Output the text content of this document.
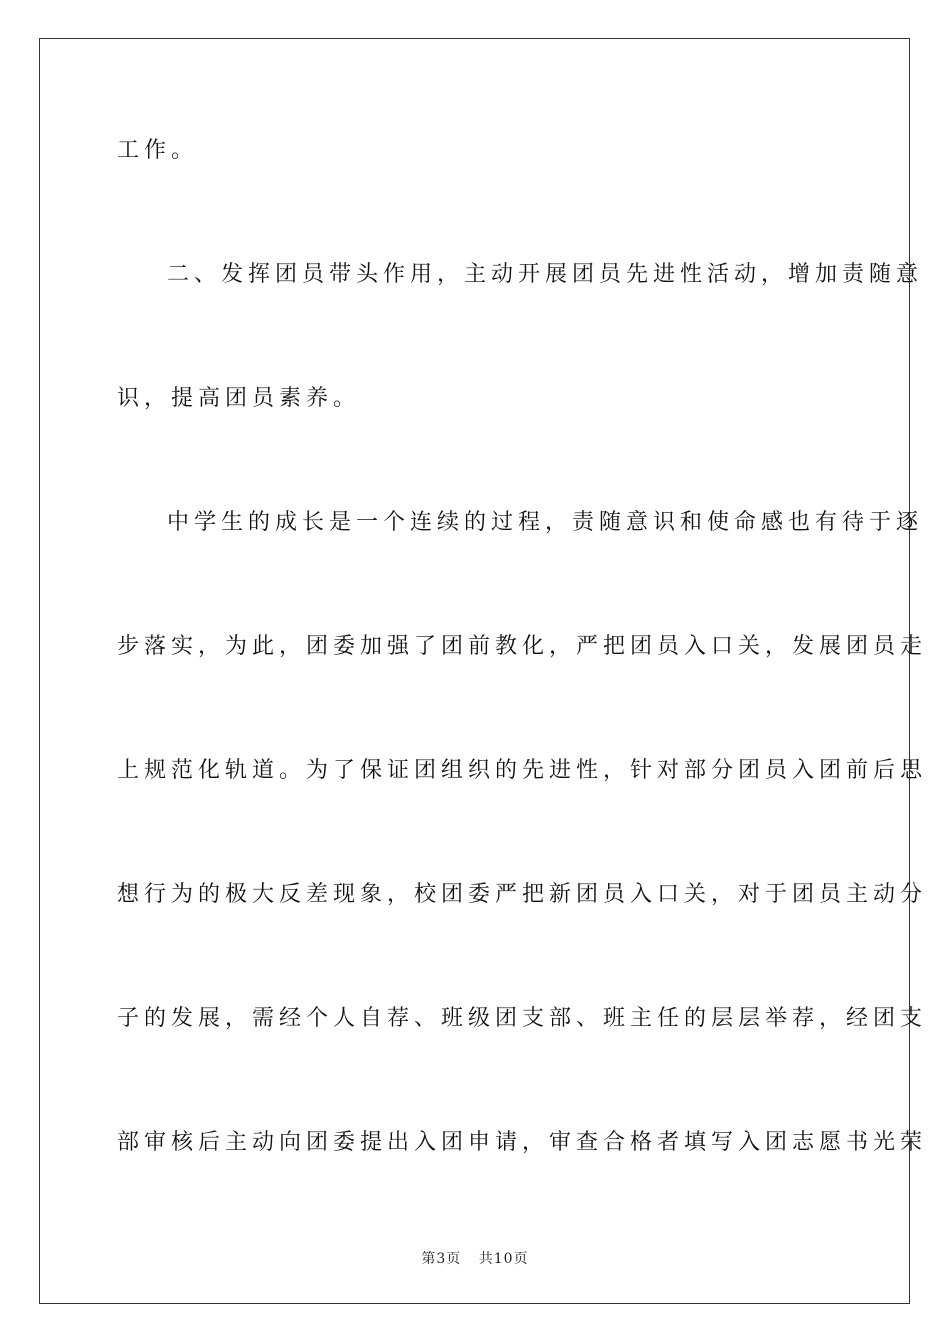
工作。

二、发挥团员带头作用，主动开展团员先进性活动，增加责随意

识，提高团员素养。

中学生的成长是一个连续的过程，责随意识和使命感也有待于逐

步落实，为此，团委加强了团前教化，严把团员入口关，发展团员走

上规范化轨道。为了保证团组织的先进性，针对部分团员入团前后思

想行为的极大反差现象，校团委严把新团员入口关，对于团员主动分

子的发展，需经个人自荐、班级团支部、班主任的层层举荐，经团支

部审核后主动向团委提出入团申请，审查合格者填写入团志愿书光荣

第3页 共10页
